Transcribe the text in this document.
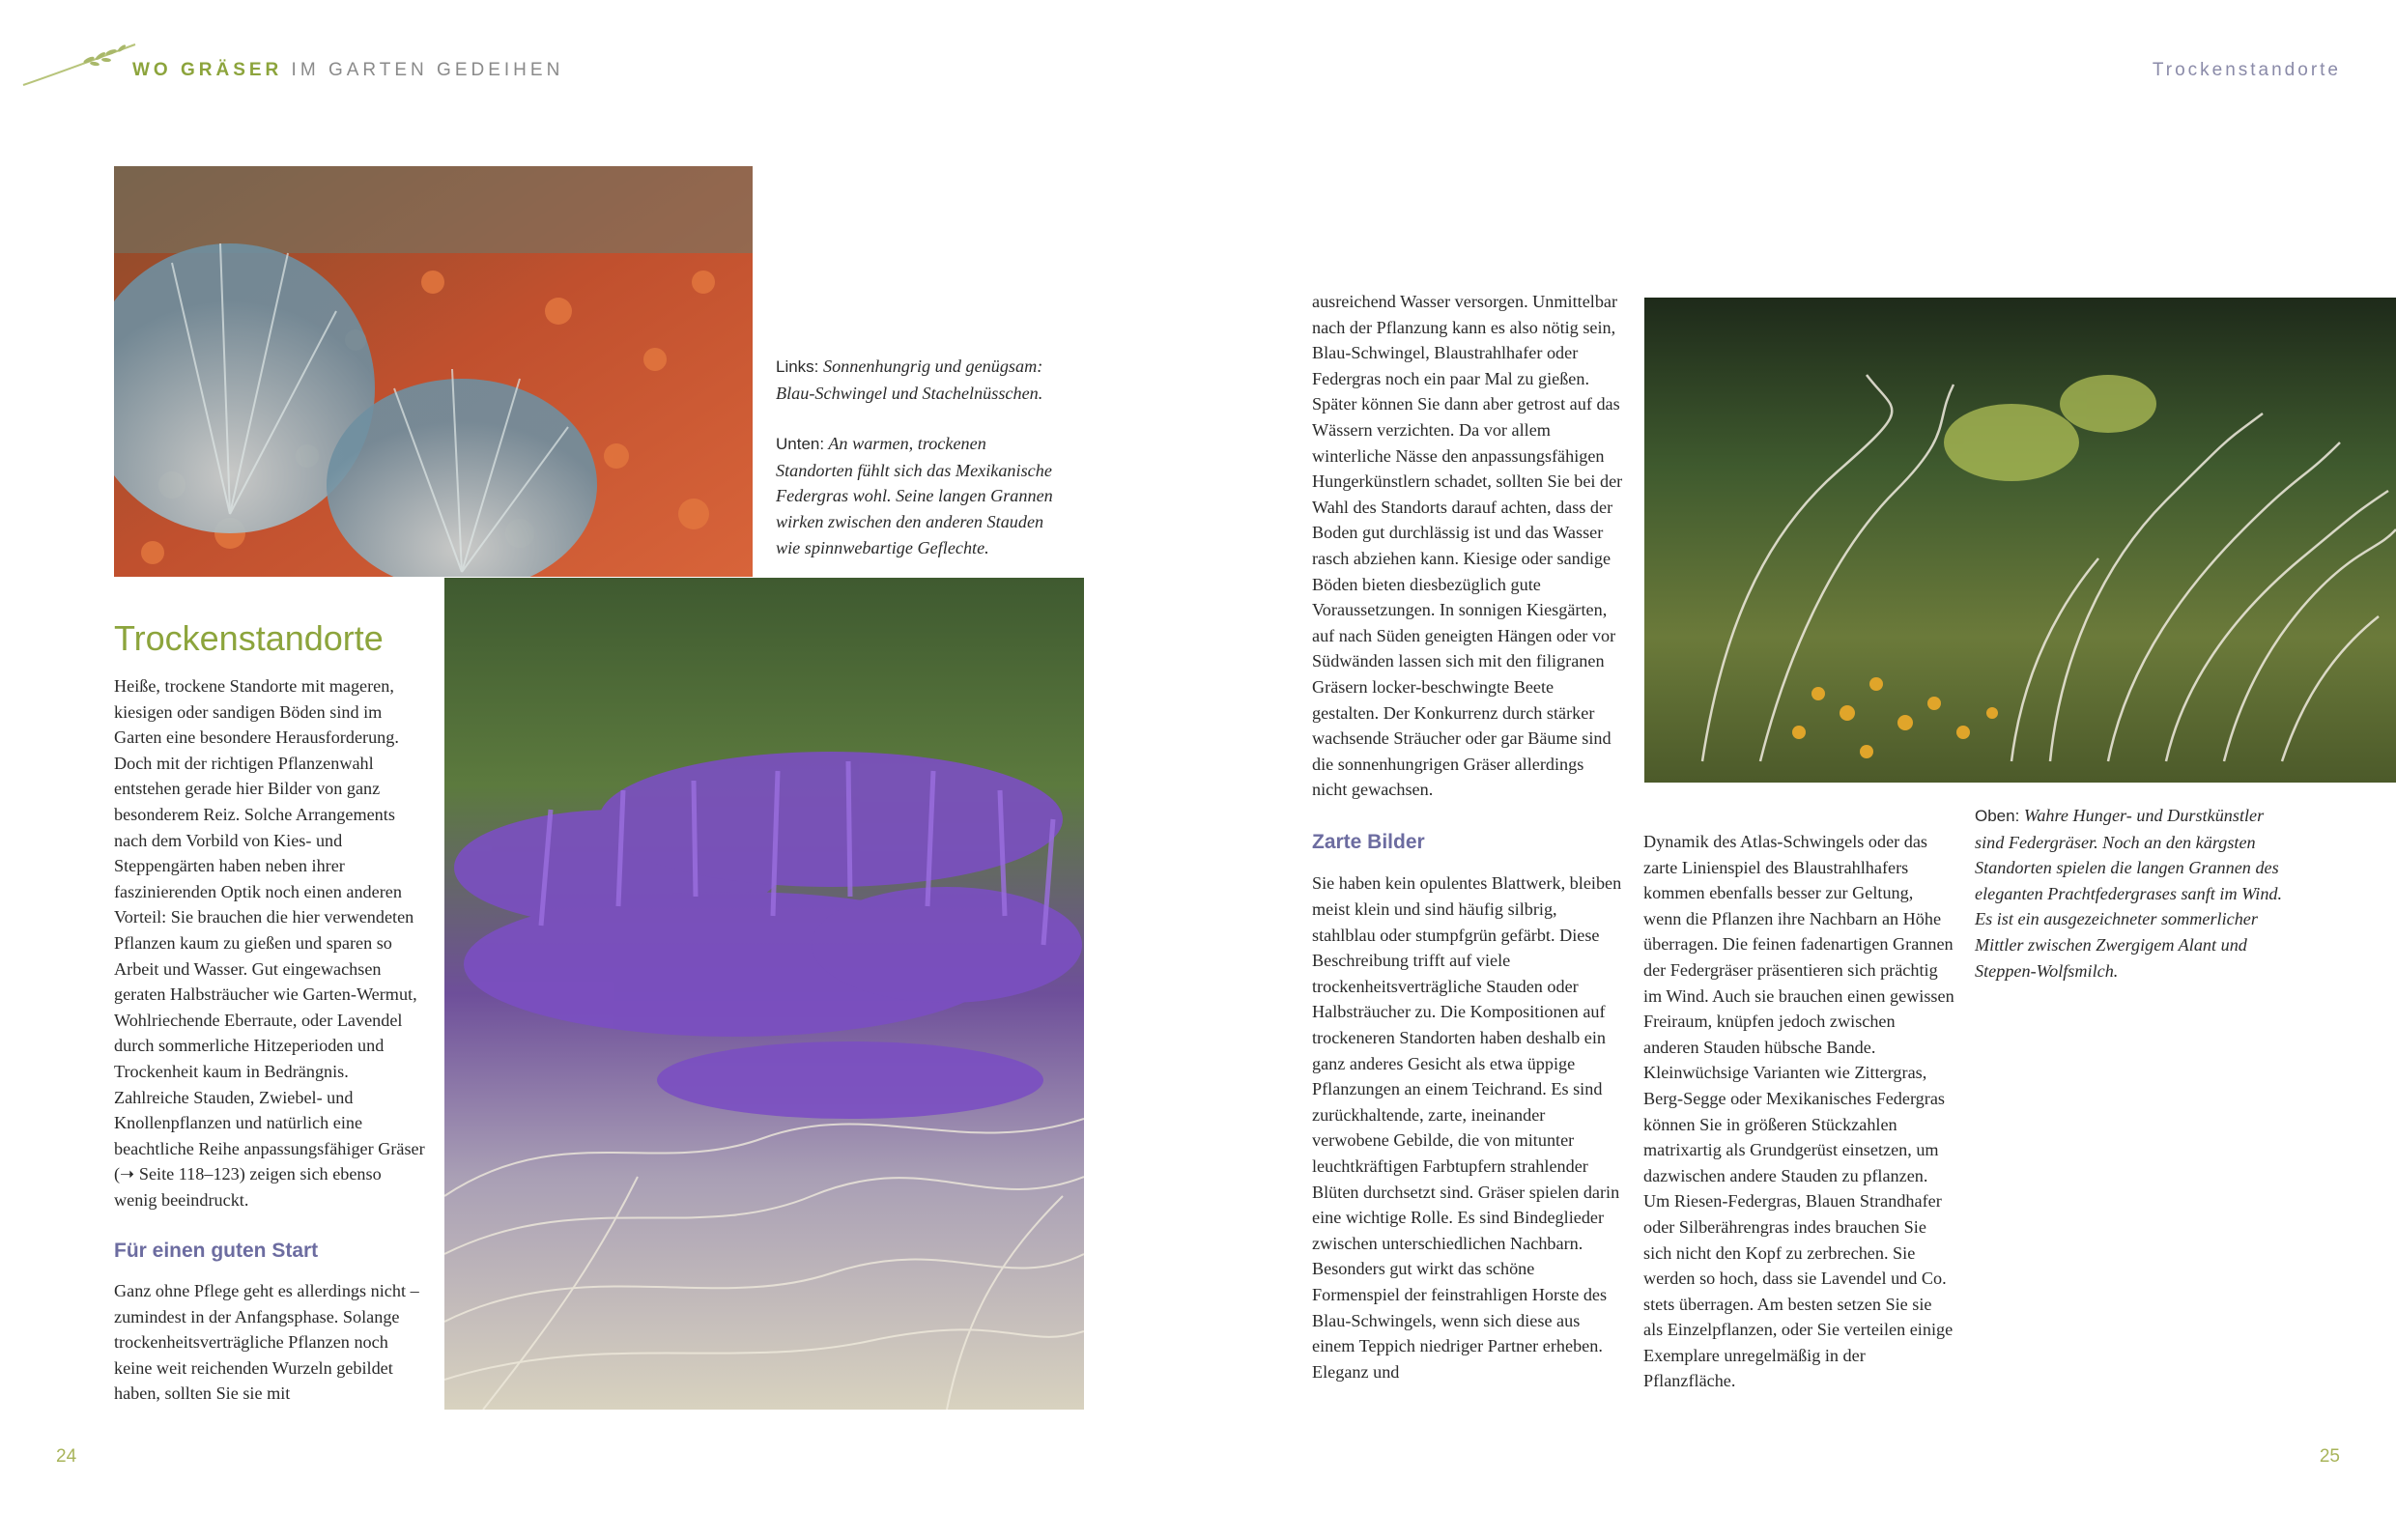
WO GRÄSER IM GARTEN GEDEIHEN	Trockenstandorte

Links: Sonnenhungrig und genügsam: Blau-Schwingel und Stachelnüsschen.

Unten: An warmen, trockenen Standorten fühlt sich das Mexikanische Federgras wohl. Seine langen Grannen wirken zwischen den anderen Stauden wie spinnwebartige Geflechte.

Trockenstandorte

Heiße, trockene Standorte mit mageren, kiesigen oder sandigen Böden sind im Garten eine besondere Herausforderung. Doch mit der richtigen Pflanzenwahl entstehen gerade hier Bilder von ganz besonderem Reiz. Solche Arrangements nach dem Vorbild von Kies- und Steppengärten haben neben ihrer faszinierenden Optik noch einen anderen Vorteil: Sie brauchen die hier verwendeten Pflanzen kaum zu gießen und sparen so Arbeit und Wasser. Gut eingewachsen geraten Halbsträucher wie Garten-Wermut, Wohlriechende Eberraute, oder Lavendel durch sommerliche Hitzeperioden und Trockenheit kaum in Bedrängnis. Zahlreiche Stauden, Zwiebel- und Knollenpflanzen und natürlich eine beachtliche Reihe anpassungsfähiger Gräser (➝ Seite 118–123) zeigen sich ebenso wenig beeindruckt.

Für einen guten Start

Ganz ohne Pflege geht es allerdings nicht – zumindest in der Anfangsphase. Solange trockenheitsverträgliche Pflanzen noch keine weit reichenden Wurzeln gebildet haben, sollten Sie sie mit

ausreichend Wasser versorgen. Unmittelbar nach der Pflanzung kann es also nötig sein, Blau-Schwingel, Blaustrahlhafer oder Federgras noch ein paar Mal zu gießen. Später können Sie dann aber getrost auf das Wässern verzichten. Da vor allem winterliche Nässe den anpassungsfähigen Hungerkünstlern schadet, sollten Sie bei der Wahl des Standorts darauf achten, dass der Boden gut durchlässig ist und das Wasser rasch abziehen kann. Kiesige oder sandige Böden bieten diesbezüglich gute Voraussetzungen. In sonnigen Kiesgärten, auf nach Süden geneigten Hängen oder vor Südwänden lassen sich mit den filigranen Gräsern locker-beschwingte Beete gestalten. Der Konkurrenz durch stärker wachsende Sträucher oder gar Bäume sind die sonnenhungrigen Gräser allerdings nicht gewachsen.

Zarte Bilder

Sie haben kein opulentes Blattwerk, bleiben meist klein und sind häufig silbrig, stahlblau oder stumpfgrün gefärbt. Diese Beschreibung trifft auf viele trockenheitsverträgliche Stauden oder Halbsträucher zu. Die Kompositionen auf trockeneren Standorten haben deshalb ein ganz anderes Gesicht als etwa üppige Pflanzungen an einem Teichrand. Es sind zurückhaltende, zarte, ineinander verwobene Gebilde, die von mitunter leuchtkräftigen Farbtupfern strahlender Blüten durchsetzt sind. Gräser spielen darin eine wichtige Rolle. Es sind Bindeglieder zwischen unterschiedlichen Nachbarn. Besonders gut wirkt das schöne Formenspiel der feinstrahligen Horste des Blau-Schwingels, wenn sich diese aus einem Teppich niedriger Partner erheben. Eleganz und

Dynamik des Atlas-Schwingels oder das zarte Linienspiel des Blaustrahlhafers kommen ebenfalls besser zur Geltung, wenn die Pflanzen ihre Nachbarn an Höhe überragen. Die feinen fadenartigen Grannen der Federgräser präsentieren sich prächtig im Wind. Auch sie brauchen einen gewissen Freiraum, knüpfen jedoch zwischen anderen Stauden hübsche Bande. Kleinwüchsige Varianten wie Zittergras, Berg-Segge oder Mexikanisches Federgras können Sie in größeren Stückzahlen matrixartig als Grundgerüst einsetzen, um dazwischen andere Stauden zu pflanzen. Um Riesen-Federgras, Blauen Strandhafer oder Silberährengras indes brauchen Sie sich nicht den Kopf zu zerbrechen. Sie werden so hoch, dass sie Lavendel und Co. stets überragen. Am besten setzen Sie sie als Einzelpflanzen, oder Sie verteilen einige Exemplare unregelmäßig in der Pflanzfläche.

Oben: Wahre Hunger- und Durstkünstler sind Federgräser. Noch an den kärgsten Standorten spielen die langen Grannen des eleganten Prachtfedergrases sanft im Wind. Es ist ein ausgezeichneter sommerlicher Mittler zwischen Zwergigem Alant und Steppen-Wolfsmilch.

24	25
